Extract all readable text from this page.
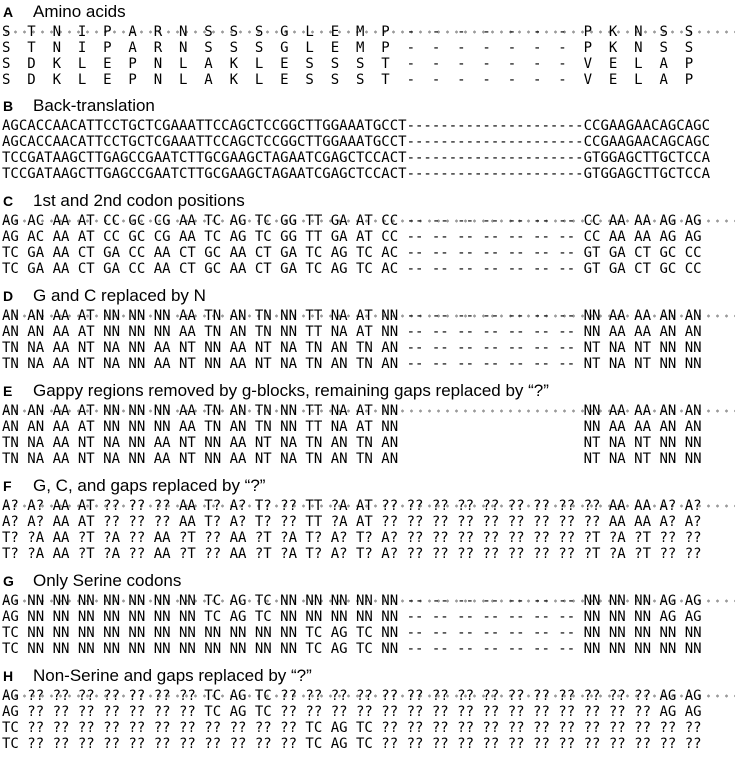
A	Amino acids
S  T  N  I  P  A  R  N  S  S  S  G  L  E  M  P  -  -  -  -  -  -  -  P  K  N  S  S
S  T  N  I  P  A  R  N  S  S  S  G  L  E  M  P  -  -  -  -  -  -  -  P  K  N  S  S
S  D  K  L  E  P  N  L  A  K  L  E  S  S  S  T  -  -  -  -  -  -  -  V  E  L  A  P
S  D  K  L  E  P  N  L  A  K  L  E  S  S  S  T  -  -  -  -  -  -  -  V  E  L  A  P
B	Back-translation
AGCACCAACATTCCTGCTCGAAATTCCAGCTCCGGCTTGGAAATGCCT---------------------CCGAAGAACAGCAGC
AGCACCAACATTCCTGCTCGAAATTCCAGCTCCGGCTTGGAAATGCCT---------------------CCGAAGAACAGCAGC
TCCGATAAGCTTGAGCCGAATCTTGCGAAGCTAGAATCGAGCTCCACT---------------------GTGGAGCTTGCTCCA
TCCGATAAGCTTGAGCCGAATCTTGCGAAGCTAGAATCGAGCTCCACT---------------------GTGGAGCTTGCTCCA
C	1st and 2nd codon positions
AG AC AA AT CC GC CG AA TC AG TC GG TT GA AT CC -- -- -- -- -- -- -- CC AA AA AG AG
AG AC AA AT CC GC CG AA TC AG TC GG TT GA AT CC -- -- -- -- -- -- -- CC AA AA AG AG
TC GA AA CT GA CC AA CT GC AA CT GA TC AG TC AC -- -- -- -- -- -- -- GT GA CT GC CC
TC GA AA CT GA CC AA CT GC AA CT GA TC AG TC AC -- -- -- -- -- -- -- GT GA CT GC CC
D	G and C replaced by N
AN AN AA AT NN NN NN AA TN AN TN NN TT NA AT NN -- -- -- -- -- -- -- NN AA AA AN AN
AN AN AA AT NN NN NN AA TN AN TN NN TT NA AT NN -- -- -- -- -- -- -- NN AA AA AN AN
TN NA AA NT NA NN AA NT NN AA NT NA TN AN TN AN -- -- -- -- -- -- -- NT NA NT NN NN
TN NA AA NT NA NN AA NT NN AA NT NA TN AN TN AN -- -- -- -- -- -- -- NT NA NT NN NN
E	Gappy regions removed by g-blocks, remaining gaps replaced by “?”
AN AN AA AT NN NN NN AA TN AN TN NN TT NA AT NN                      NN AA AA AN AN
AN AN AA AT NN NN NN AA TN AN TN NN TT NA AT NN                      NN AA AA AN AN
TN NA AA NT NA NN AA NT NN AA NT NA TN AN TN AN                      NT NA NT NN NN
TN NA AA NT NA NN AA NT NN AA NT NA TN AN TN AN                      NT NA NT NN NN
F	G, C, and gaps replaced by “?”
A? A? AA AT ?? ?? ?? AA T? A? T? ?? TT ?A AT ?? ?? ?? ?? ?? ?? ?? ?? ?? AA AA A? A?
A? A? AA AT ?? ?? ?? AA T? A? T? ?? TT ?A AT ?? ?? ?? ?? ?? ?? ?? ?? ?? AA AA A? A?
T? ?A AA ?T ?A ?? AA ?T ?? AA ?T ?A T? A? T? A? ?? ?? ?? ?? ?? ?? ?? ?T ?A ?T ?? ??
T? ?A AA ?T ?A ?? AA ?T ?? AA ?T ?A T? A? T? A? ?? ?? ?? ?? ?? ?? ?? ?T ?A ?T ?? ??
G	Only Serine codons
AG NN NN NN NN NN NN NN TC AG TC NN NN NN NN NN -- -- -- -- -- -- -- NN NN NN AG AG
AG NN NN NN NN NN NN NN TC AG TC NN NN NN NN NN -- -- -- -- -- -- -- NN NN NN AG AG
TC NN NN NN NN NN NN NN NN NN NN NN TC AG TC NN -- -- -- -- -- -- -- NN NN NN NN NN
TC NN NN NN NN NN NN NN NN NN NN NN TC AG TC NN -- -- -- -- -- -- -- NN NN NN NN NN
H	Non-Serine and gaps replaced by “?”
AG ?? ?? ?? ?? ?? ?? ?? TC AG TC ?? ?? ?? ?? ?? ?? ?? ?? ?? ?? ?? ?? ?? ?? ?? AG AG
AG ?? ?? ?? ?? ?? ?? ?? TC AG TC ?? ?? ?? ?? ?? ?? ?? ?? ?? ?? ?? ?? ?? ?? ?? AG AG
TC ?? ?? ?? ?? ?? ?? ?? ?? ?? ?? ?? TC AG TC ?? ?? ?? ?? ?? ?? ?? ?? ?? ?? ?? ?? ??
TC ?? ?? ?? ?? ?? ?? ?? ?? ?? ?? ?? TC AG TC ?? ?? ?? ?? ?? ?? ?? ?? ?? ?? ?? ?? ??
